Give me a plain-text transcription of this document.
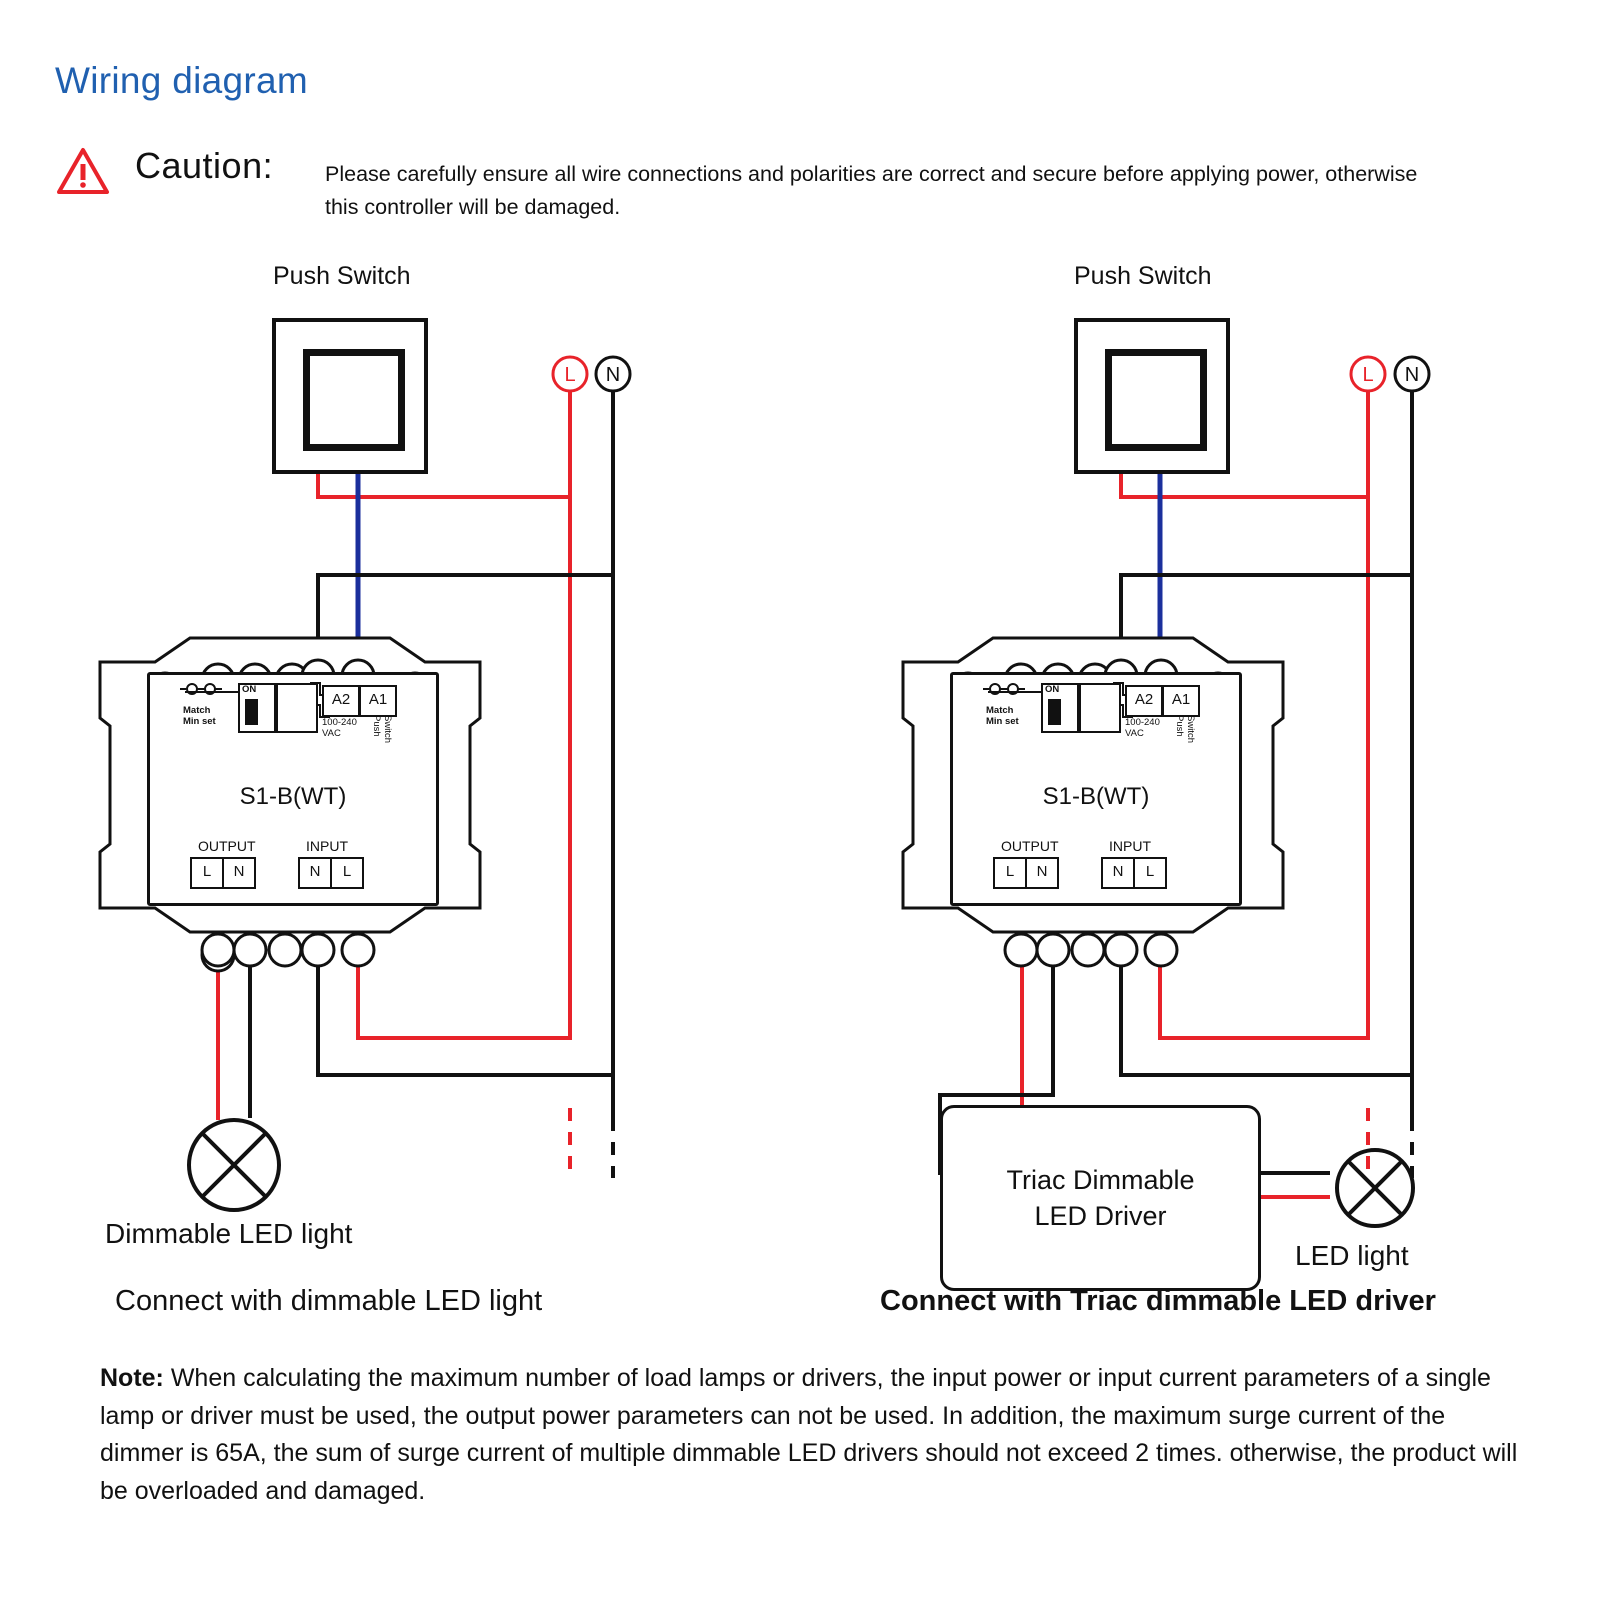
Wiring diagram
Caution: Please carefully ensure all wire connections and polarities are correct and secure before applying power, otherwise this controller will be damaged.
L N	L N
Push Switch
Match
Min set
ON
A2	A1
100-240
VAC	Push Switch
S1-B(WT)
OUTPUT
L	N
INPUT
N	L
Dimmable LED light
Connect with dimmable LED light
Push Switch
Match
Min set
ON
A2	A1
100-240
VAC	Push Switch
S1-B(WT)
OUTPUT
L	N
INPUT
N	L
Triac Dimmable
LED Driver
LED light
Connect with Triac dimmable LED driver
Note: When calculating the maximum number of load lamps or drivers, the input power or input current parameters of a single lamp or driver must be used, the output power parameters can not be used. In addition, the maximum surge current of the dimmer is 65A, the sum of surge current of multiple dimmable LED drivers should not exceed 2 times. otherwise, the product will be overloaded and damaged.
